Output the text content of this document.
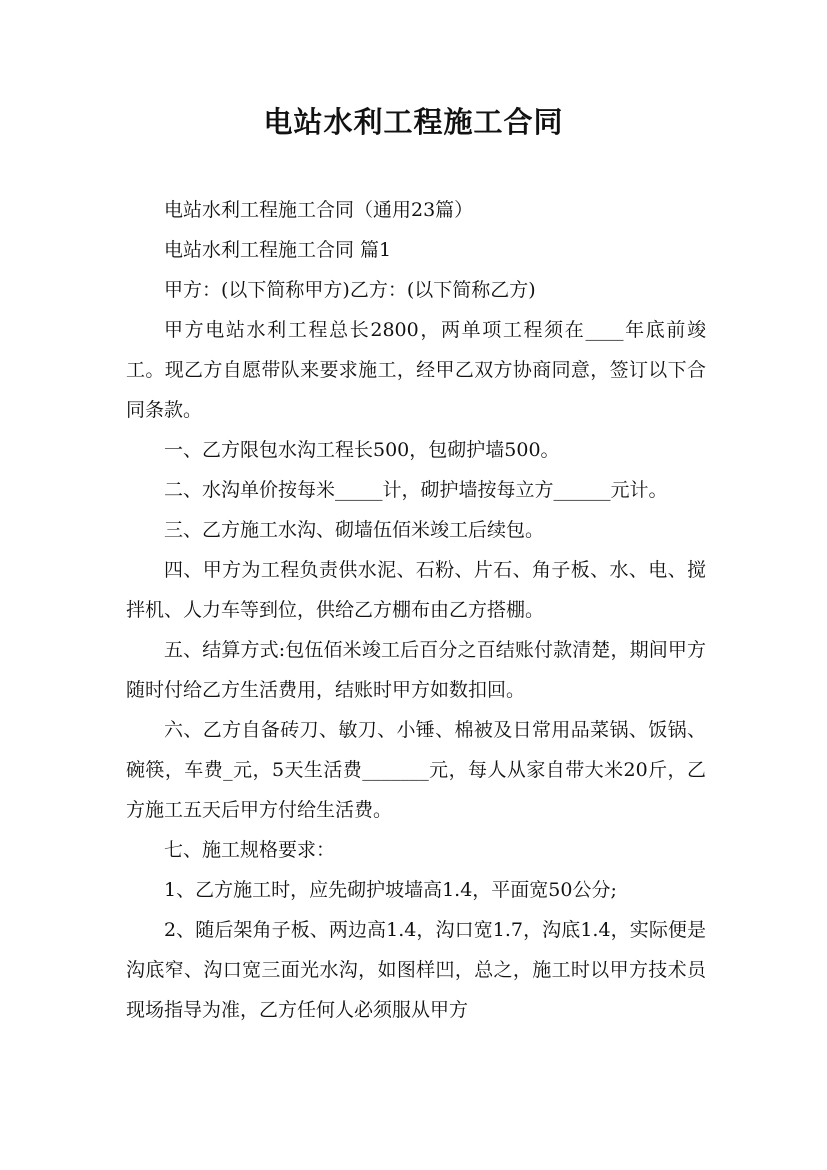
电站水利工程施工合同

电站水利工程施工合同（通用23篇）

电站水利工程施工合同 篇1

甲方：(以下简称甲方)乙方：(以下简称乙方)

甲方电站水利工程总长2800，两单项工程须在____年底前竣工。现乙方自愿带队来要求施工，经甲乙双方协商同意，签订以下合同条款。

一、乙方限包水沟工程长500，包砌护墙500。

二、水沟单价按每米_____计，砌护墙按每立方______元计。

三、乙方施工水沟、砌墙伍佰米竣工后续包。

四、甲方为工程负责供水泥、石粉、片石、角子板、水、电、搅拌机、人力车等到位，供给乙方棚布由乙方搭棚。

五、结算方式:包伍佰米竣工后百分之百结账付款清楚，期间甲方随时付给乙方生活费用，结账时甲方如数扣回。

六、乙方自备砖刀、敏刀、小锤、棉被及日常用品菜锅、饭锅、碗筷，车费_元，5天生活费_______元，每人从家自带大米20斤，乙方施工五天后甲方付给生活费。

七、施工规格要求：

1、乙方施工时，应先砌护坡墙高1.4，平面宽50公分;

2、随后架角子板、两边高1.4，沟口宽1.7，沟底1.4，实际便是沟底窄、沟口宽三面光水沟，如图样凹，总之，施工时以甲方技术员现场指导为准，乙方任何人必须服从甲方
